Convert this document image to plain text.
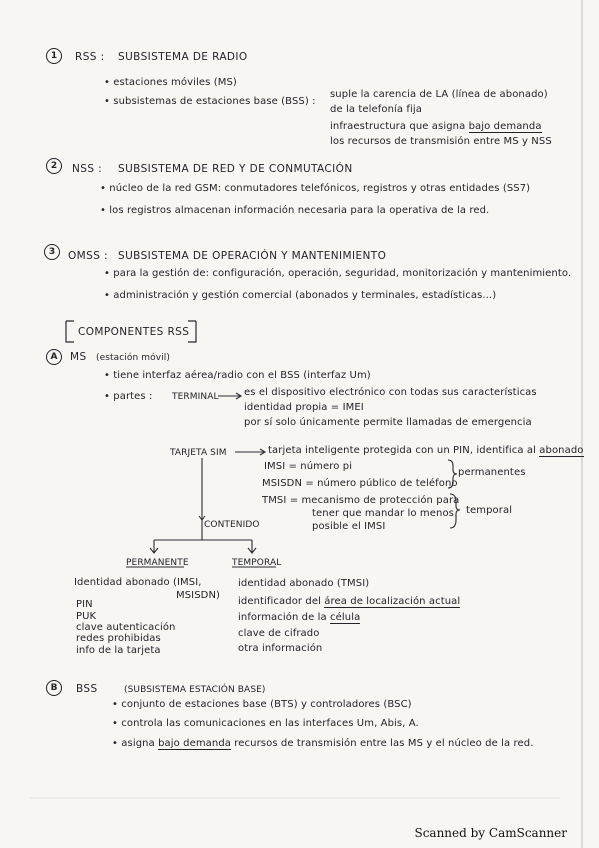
1	RSS : SUBSISTEMA DE RADIO
• estaciones móviles (MS)
• subsistemas de estaciones base (BSS) :
suple la carencia de LA (línea de abonado)
de la telefonía fija
infraestructura que asigna bajo demanda
los recursos de transmisión entre MS y NSS
2	NSS : SUBSISTEMA DE RED Y DE CONMUTACIÓN
• núcleo de la red GSM: conmutadores telefónicos, registros y otras entidades (SS7)
• los registros almacenan información necesaria para la operativa de la red.
3	OMSS : SUBSISTEMA DE OPERACIÓN Y MANTENIMIENTO
• para la gestión de: configuración, operación, seguridad, monitorización y mantenimiento.
• administración y gestión comercial (abonados y terminales, estadísticas...)
COMPONENTES RSS
A	MS (estación móvil)
• tiene interfaz aérea/radio con el BSS (interfaz Um)
• partes : TERMINAL	es el dispositivo electrónico con todas sus características
identidad propia = IMEI
por sí solo únicamente permite llamadas de emergencia
TARJETA SIM	tarjeta inteligente protegida con un PIN, identifica al abonado
IMSI = número pi
MSISDN = número público de teléfono
permanentes
TMSI = mecanismo de protección para
tener que mandar lo menos
posible el IMSI
temporal
CONTENIDO
PERMANENTE	TEMPORAL
Identidad abonado (IMSI,
MSISDN)
PIN
PUK
clave autenticación
redes prohibidas
info de la tarjeta
identidad abonado (TMSI)
identificador del área de localización actual
información de la célula
clave de cifrado
otra información
B	BSS	(SUBSISTEMA ESTACIÓN BASE)
• conjunto de estaciones base (BTS) y controladores (BSC)
• controla las comunicaciones en las interfaces Um, Abis, A.
• asigna bajo demanda recursos de transmisión entre las MS y el núcleo de la red.
Scanned by CamScanner
